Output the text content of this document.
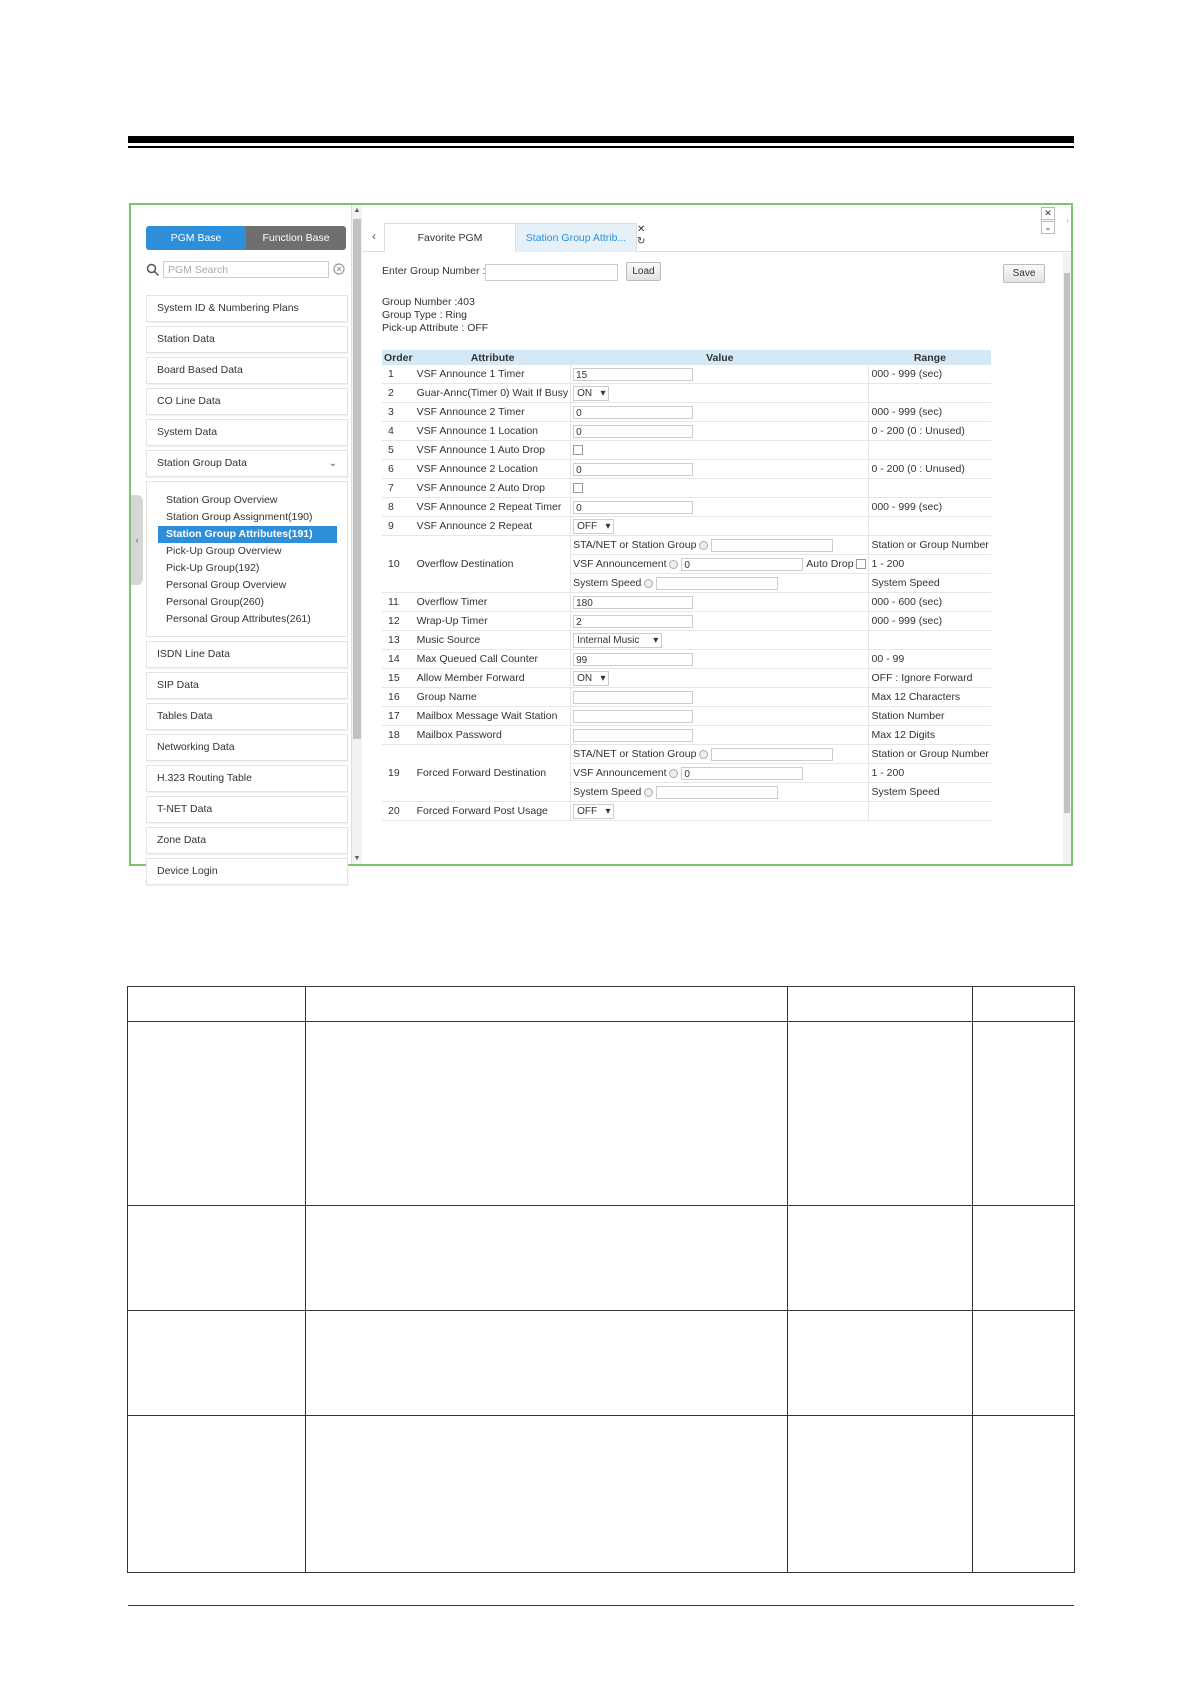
‹
PGM Base	Function Base
PGM Search
System ID & Numbering Plans
Station Data
Board Based Data
CO Line Data
System Data
Station Group Data	⌄
Station Group Overview
Station Group Assignment(190)
Station Group Attributes(191)
Pick-Up Group Overview
Pick-Up Group(192)
Personal Group Overview
Personal Group(260)
Personal Group Attributes(261)
ISDN Line Data
SIP Data
Tables Data
Networking Data
H.323 Routing Table
T-NET Data
Zone Data
Device Login
▲
▼
‹	Favorite PGM	Station Group Attrib...
✕
↻
✕
⌄
›
Enter Group Number :	Load	Save
Group Number :403
Group Type : Ring
Pick-up Attribute : OFF
Order	Attribute	Value	Range
1	VSF Announce 1 Timer	15	000 - 999 (sec)
2	Guar-Annc(Timer 0) Wait If Busy	ON   ▾	
3	VSF Announce 2 Timer	0	000 - 999 (sec)
4	VSF Announce 1 Location	0	0 - 200 (0 : Unused)
5	VSF Announce 1 Auto Drop		
6	VSF Announce 2 Location	0	0 - 200 (0 : Unused)
7	VSF Announce 2 Auto Drop		
8	VSF Announce 2 Repeat Timer	0	000 - 999 (sec)
9	VSF Announce 2 Repeat	OFF   ▾	
10	Overflow Destination	STA/NET or Station Group	Station or Group Number
		VSF Announcement 0 Auto Drop	1 - 200
		System Speed	System Speed
11	Overflow Timer	180	000 - 600 (sec)
12	Wrap-Up Timer	2	000 - 999 (sec)
13	Music Source	Internal Music     ▾	
14	Max Queued Call Counter	99	00 - 99
15	Allow Member Forward	ON   ▾	OFF : Ignore Forward
16	Group Name		Max 12 Characters
17	Mailbox Message Wait Station		Station Number
18	Mailbox Password		Max 12 Digits
19	Forced Forward Destination	STA/NET or Station Group	Station or Group Number
		VSF Announcement 0	1 - 200
		System Speed	System Speed
20	Forced Forward Post Usage	OFF   ▾	
